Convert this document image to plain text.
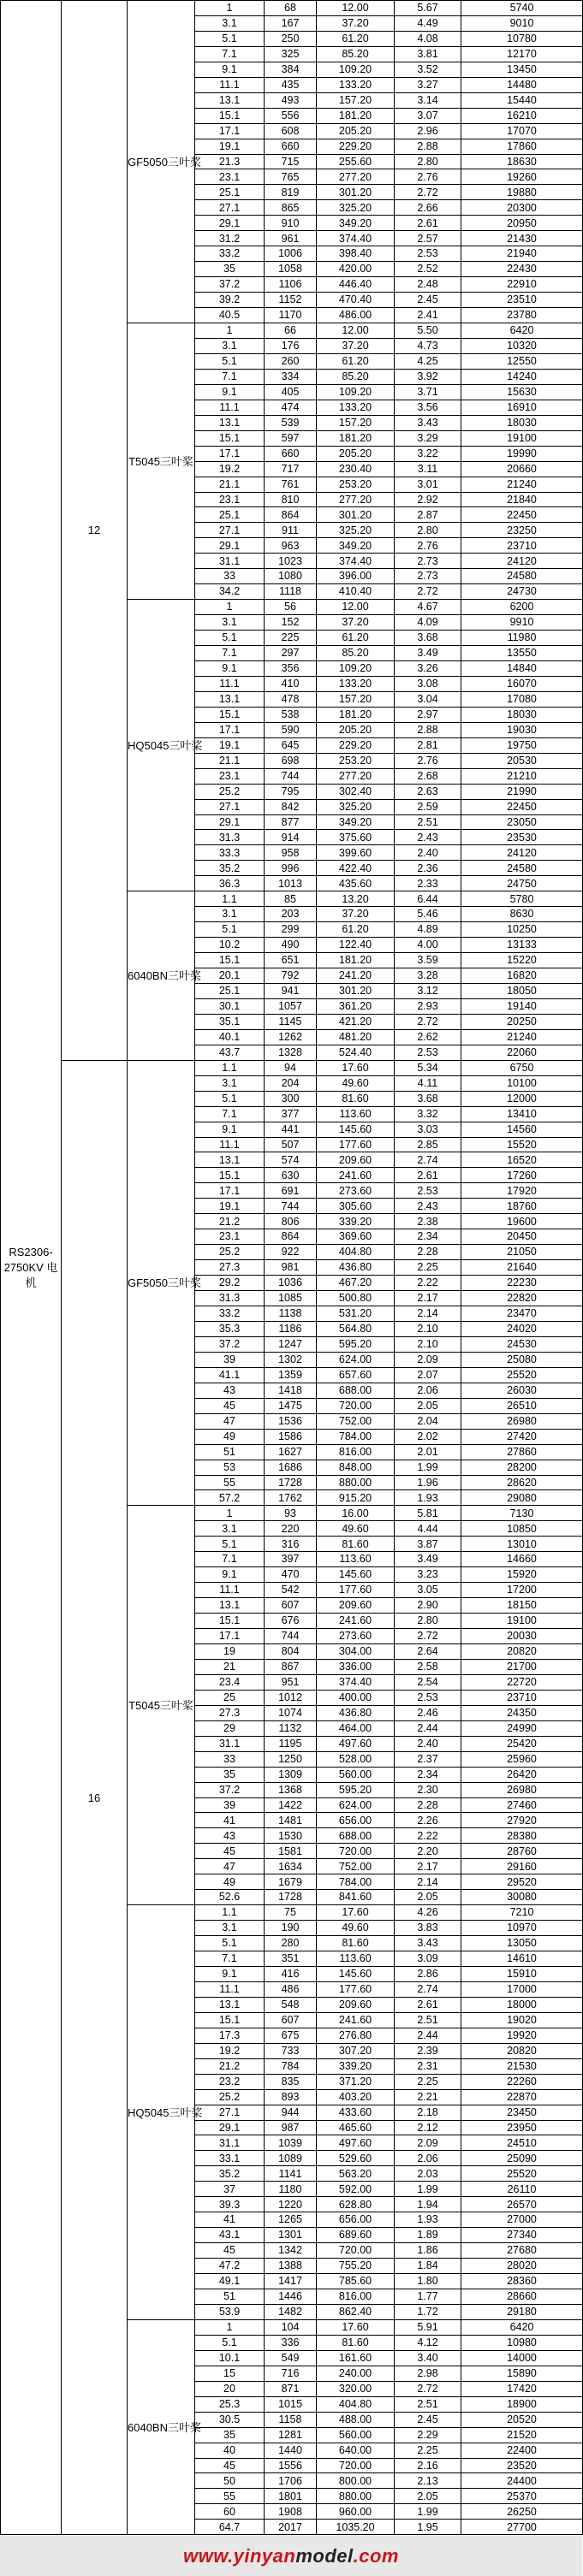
RS2306-2750KV 电机	12	GF5050三叶桨	1	68	12.00	5.67	5740
			3.1	167	37.20	4.49	9010
			5.1	250	61.20	4.08	10780
			7.1	325	85.20	3.81	12170
			9.1	384	109.20	3.52	13450
			11.1	435	133.20	3.27	14480
			13.1	493	157.20	3.14	15440
			15.1	556	181.20	3.07	16210
			17.1	608	205.20	2.96	17070
			19.1	660	229.20	2.88	17860
			21.3	715	255.60	2.80	18630
			23.1	765	277.20	2.76	19260
			25.1	819	301.20	2.72	19880
			27.1	865	325.20	2.66	20300
			29.1	910	349.20	2.61	20950
			31.2	961	374.40	2.57	21430
			33.2	1006	398.40	2.53	21940
			35	1058	420.00	2.52	22430
			37.2	1106	446.40	2.48	22910
			39.2	1152	470.40	2.45	23510
			40.5	1170	486.00	2.41	23780
		T5045三叶桨	1	66	12.00	5.50	6420
			3.1	176	37.20	4.73	10320
			5.1	260	61.20	4.25	12550
			7.1	334	85.20	3.92	14240
			9.1	405	109.20	3.71	15630
			11.1	474	133.20	3.56	16910
			13.1	539	157.20	3.43	18030
			15.1	597	181.20	3.29	19100
			17.1	660	205.20	3.22	19990
			19.2	717	230.40	3.11	20660
			21.1	761	253.20	3.01	21240
			23.1	810	277.20	2.92	21840
			25.1	864	301.20	2.87	22450
			27.1	911	325.20	2.80	23250
			29.1	963	349.20	2.76	23710
			31.1	1023	374.40	2.73	24120
			33	1080	396.00	2.73	24580
			34.2	1118	410.40	2.72	24730
		HQ5045三叶桨	1	56	12.00	4.67	6200
			3.1	152	37.20	4.09	9910
			5.1	225	61.20	3.68	11980
			7.1	297	85.20	3.49	13550
			9.1	356	109.20	3.26	14840
			11.1	410	133.20	3.08	16070
			13.1	478	157.20	3.04	17080
			15.1	538	181.20	2.97	18030
			17.1	590	205.20	2.88	19030
			19.1	645	229.20	2.81	19750
			21.1	698	253.20	2.76	20530
			23.1	744	277.20	2.68	21210
			25.2	795	302.40	2.63	21990
			27.1	842	325.20	2.59	22450
			29.1	877	349.20	2.51	23050
			31.3	914	375.60	2.43	23530
			33.3	958	399.60	2.40	24120
			35.2	996	422.40	2.36	24580
			36.3	1013	435.60	2.33	24750
		6040BN三叶桨	1.1	85	13.20	6.44	5780
			3.1	203	37.20	5.46	8630
			5.1	299	61.20	4.89	10250
			10.2	490	122.40	4.00	13133
			15.1	651	181.20	3.59	15220
			20.1	792	241.20	3.28	16820
			25.1	941	301.20	3.12	18050
			30.1	1057	361.20	2.93	19140
			35.1	1145	421.20	2.72	20250
			40.1	1262	481.20	2.62	21240
			43.7	1328	524.40	2.53	22060
	16	GF5050三叶桨	1.1	94	17.60	5.34	6750
			3.1	204	49.60	4.11	10100
			5.1	300	81.60	3.68	12000
			7.1	377	113.60	3.32	13410
			9.1	441	145.60	3.03	14560
			11.1	507	177.60	2.85	15520
			13.1	574	209.60	2.74	16520
			15.1	630	241.60	2.61	17260
			17.1	691	273.60	2.53	17920
			19.1	744	305.60	2.43	18760
			21.2	806	339.20	2.38	19600
			23.1	864	369.60	2.34	20450
			25.2	922	404.80	2.28	21050
			27.3	981	436.80	2.25	21640
			29.2	1036	467.20	2.22	22230
			31.3	1085	500.80	2.17	22820
			33.2	1138	531.20	2.14	23470
			35.3	1186	564.80	2.10	24020
			37.2	1247	595.20	2.10	24530
			39	1302	624.00	2.09	25080
			41.1	1359	657.60	2.07	25520
			43	1418	688.00	2.06	26030
			45	1475	720.00	2.05	26510
			47	1536	752.00	2.04	26980
			49	1586	784.00	2.02	27420
			51	1627	816.00	2.01	27860
			53	1686	848.00	1.99	28200
			55	1728	880.00	1.96	28620
			57.2	1762	915.20	1.93	29080
		T5045三叶桨	1	93	16.00	5.81	7130
			3.1	220	49.60	4.44	10850
			5.1	316	81.60	3.87	13010
			7.1	397	113.60	3.49	14660
			9.1	470	145.60	3.23	15920
			11.1	542	177.60	3.05	17200
			13.1	607	209.60	2.90	18150
			15.1	676	241.60	2.80	19100
			17.1	744	273.60	2.72	20030
			19	804	304.00	2.64	20820
			21	867	336.00	2.58	21700
			23.4	951	374.40	2.54	22720
			25	1012	400.00	2.53	23710
			27.3	1074	436.80	2.46	24350
			29	1132	464.00	2.44	24990
			31.1	1195	497.60	2.40	25420
			33	1250	528.00	2.37	25960
			35	1309	560.00	2.34	26420
			37.2	1368	595.20	2.30	26980
			39	1422	624.00	2.28	27460
			41	1481	656.00	2.26	27920
			43	1530	688.00	2.22	28380
			45	1581	720.00	2.20	28760
			47	1634	752.00	2.17	29160
			49	1679	784.00	2.14	29520
			52.6	1728	841.60	2.05	30080
		HQ5045三叶桨	1.1	75	17.60	4.26	7210
			3.1	190	49.60	3.83	10970
			5.1	280	81.60	3.43	13050
			7.1	351	113.60	3.09	14610
			9.1	416	145.60	2.86	15910
			11.1	486	177.60	2.74	17000
			13.1	548	209.60	2.61	18000
			15.1	607	241.60	2.51	19020
			17.3	675	276.80	2.44	19920
			19.2	733	307.20	2.39	20820
			21.2	784	339.20	2.31	21530
			23.2	835	371.20	2.25	22260
			25.2	893	403.20	2.21	22870
			27.1	944	433.60	2.18	23450
			29.1	987	465.60	2.12	23950
			31.1	1039	497.60	2.09	24510
			33.1	1089	529.60	2.06	25090
			35.2	1141	563.20	2.03	25520
			37	1180	592.00	1.99	26110
			39.3	1220	628.80	1.94	26570
			41	1265	656.00	1.93	27000
			43.1	1301	689.60	1.89	27340
			45	1342	720.00	1.86	27680
			47.2	1388	755.20	1.84	28020
			49.1	1417	785.60	1.80	28360
			51	1446	816.00	1.77	28660
			53.9	1482	862.40	1.72	29180
		6040BN三叶桨	1	104	17.60	5.91	6420
			5.1	336	81.60	4.12	10980
			10.1	549	161.60	3.40	14000
			15	716	240.00	2.98	15890
			20	871	320.00	2.72	17420
			25.3	1015	404.80	2.51	18900
			30.5	1158	488.00	2.45	20520
			35	1281	560.00	2.29	21520
			40	1440	640.00	2.25	22400
			45	1556	720.00	2.16	23520
			50	1706	800.00	2.13	24400
			55	1801	880.00	2.05	25370
			60	1908	960.00	1.99	26250
			64.7	2017	1035.20	1.95	27700
www.yinyanmodel.com
